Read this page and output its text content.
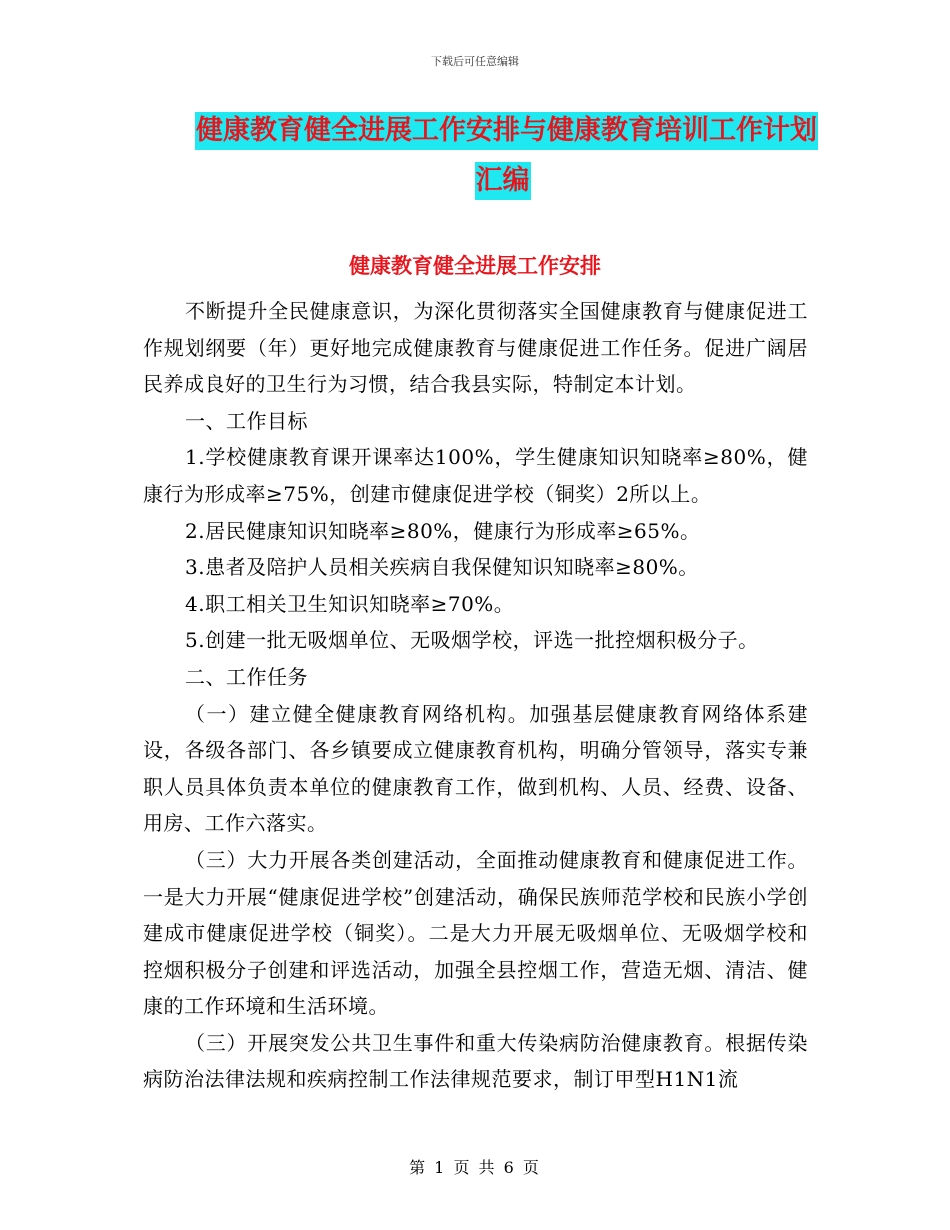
下载后可任意编辑
健康教育健全进展工作安排与健康教育培训工作计划
汇编
健康教育健全进展工作安排

不断提升全民健康意识，为深化贯彻落实全国健康教育与健康促进工作规划纲要（年）更好地完成健康教育与健康促进工作任务。促进广阔居民养成良好的卫生行为习惯，结合我县实际，特制定本计划。

一、工作目标

1.学校健康教育课开课率达100%，学生健康知识知晓率≥80%，健康行为形成率≥75%，创建市健康促进学校（铜奖）2所以上。

2.居民健康知识知晓率≥80%，健康行为形成率≥65%。

3.患者及陪护人员相关疾病自我保健知识知晓率≥80%。

4.职工相关卫生知识知晓率≥70%。

5.创建一批无吸烟单位、无吸烟学校，评选一批控烟积极分子。

二、工作任务

（一）建立健全健康教育网络机构。加强基层健康教育网络体系建设，各级各部门、各乡镇要成立健康教育机构，明确分管领导，落实专兼职人员具体负责本单位的健康教育工作，做到机构、人员、经费、设备、用房、工作六落实。

（三）大力开展各类创建活动，全面推动健康教育和健康促进工作。一是大力开展“健康促进学校”创建活动，确保民族师范学校和民族小学创建成市健康促进学校（铜奖）。二是大力开展无吸烟单位、无吸烟学校和控烟积极分子创建和评选活动，加强全县控烟工作，营造无烟、清洁、健康的工作环境和生活环境。

（三）开展突发公共卫生事件和重大传染病防治健康教育。根据传染病防治法律法规和疾病控制工作法律规范要求，制订甲型H1N1流

第 1 页 共 6 页
